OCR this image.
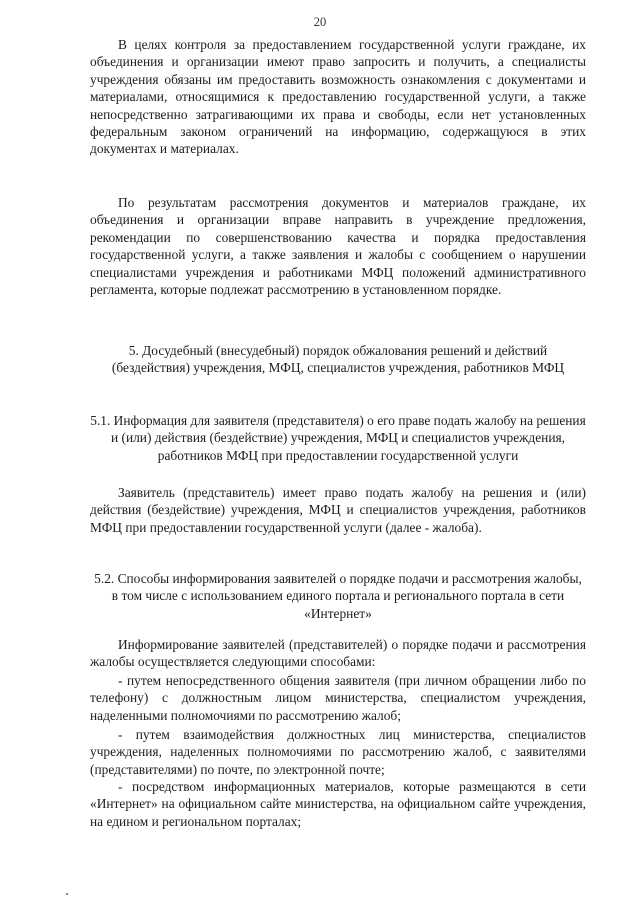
20
В целях контроля за предоставлением государственной услуги граждане, их объединения и организации имеют право запросить и получить, а специалисты учреждения обязаны им предоставить возможность ознакомления с документами и материалами, относящимися к предоставлению государственной услуги, а также непосредственно затрагивающими их права и свободы, если нет установленных федеральным законом ограничений на информацию, содержащуюся в этих документах и материалах.
По результатам рассмотрения документов и материалов граждане, их объединения и организации вправе направить в учреждение предложения, рекомендации по совершенствованию качества и порядка предоставления государственной услуги, а также заявления и жалобы с сообщением о нарушении специалистами учреждения и работниками МФЦ положений административного регламента, которые подлежат рассмотрению в установленном порядке.
5. Досудебный (внесудебный) порядок обжалования решений и действий (бездействия) учреждения, МФЦ, специалистов учреждения, работников МФЦ
5.1. Информация для заявителя (представителя) о его праве подать жалобу на решения и (или) действия (бездействие) учреждения, МФЦ и специалистов учреждения, работников МФЦ при предоставлении государственной услуги
Заявитель (представитель) имеет право подать жалобу на решения и (или) действия (бездействие) учреждения, МФЦ и специалистов учреждения, работников МФЦ при предоставлении государственной услуги (далее - жалоба).
5.2. Способы информирования заявителей о порядке подачи и рассмотрения жалобы, в том числе с использованием единого портала и регионального портала в сети «Интернет»
Информирование заявителей (представителей) о порядке подачи и рассмотрения жалобы осуществляется следующими способами:
- путем непосредственного общения заявителя (при личном обращении либо по телефону) с должностным лицом министерства, специалистом учреждения, наделенными полномочиями по рассмотрению жалоб;
- путем взаимодействия должностных лиц министерства, специалистов учреждения, наделенных полномочиями по рассмотрению жалоб, с заявителями (представителями) по почте, по электронной почте;
- посредством информационных материалов, которые размещаются в сети «Интернет» на официальном сайте министерства, на официальном сайте учреждения, на едином и региональном порталах;
